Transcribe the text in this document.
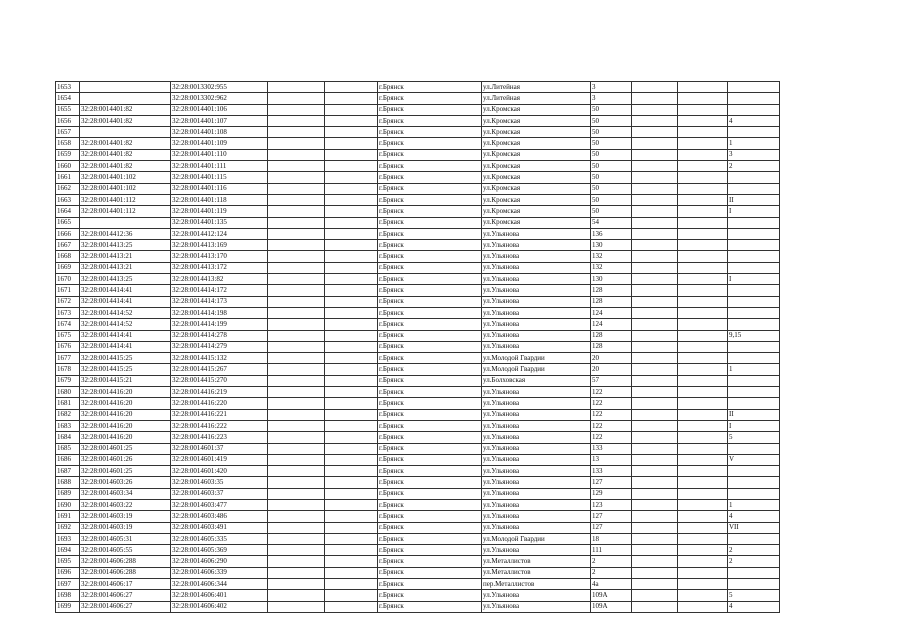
1653		32:28:0013302:955			г.Брянск	ул.Литейная	3			
1654		32:28:0013302:962			г.Брянск	ул.Литейная	3			
1655	32:28:0014401:82	32:28:0014401:106			г.Брянск	ул.Кромская	50			
1656	32:28:0014401:82	32:28:0014401:107			г.Брянск	ул.Кромская	50			4
1657		32:28:0014401:108			г.Брянск	ул.Кромская	50			
1658	32:28:0014401:82	32:28:0014401:109			г.Брянск	ул.Кромская	50			1
1659	32:28:0014401:82	32:28:0014401:110			г.Брянск	ул.Кромская	50			3
1660	32:28:0014401:82	32:28:0014401:111			г.Брянск	ул.Кромская	50			2
1661	32:28:0014401:102	32:28:0014401:115			г.Брянск	ул.Кромская	50			
1662	32:28:0014401:102	32:28:0014401:116			г.Брянск	ул.Кромская	50			
1663	32:28:0014401:112	32:28:0014401:118			г.Брянск	ул.Кромская	50			II
1664	32:28:0014401:112	32:28:0014401:119			г.Брянск	ул.Кромская	50			I
1665		32:28:0014401:135			г.Брянск	ул.Кромская	54			
1666	32:28:0014412:36	32:28:0014412:124			г.Брянск	ул.Ульянова	136			
1667	32:28:0014413:25	32:28:0014413:169			г.Брянск	ул.Ульянова	130			
1668	32:28:0014413:21	32:28:0014413:170			г.Брянск	ул.Ульянова	132			
1669	32:28:0014413:21	32:28:0014413:172			г.Брянск	ул.Ульянова	132			
1670	32:28:0014413:25	32:28:0014413:82			г.Брянск	ул.Ульянова	130			I
1671	32:28:0014414:41	32:28:0014414:172			г.Брянск	ул.Ульянова	128			
1672	32:28:0014414:41	32:28:0014414:173			г.Брянск	ул.Ульянова	128			
1673	32:28:0014414:52	32:28:0014414:198			г.Брянск	ул.Ульянова	124			
1674	32:28:0014414:52	32:28:0014414:199			г.Брянск	ул.Ульянова	124			
1675	32:28:0014414:41	32:28:0014414:278			г.Брянск	ул.Ульянова	128			9,15
1676	32:28:0014414:41	32:28:0014414:279			г.Брянск	ул.Ульянова	128			
1677	32:28:0014415:25	32:28:0014415:132			г.Брянск	ул.Молодой Гвардии	20			
1678	32:28:0014415:25	32:28:0014415:267			г.Брянск	ул.Молодой Гвардии	20			1
1679	32:28:0014415:21	32:28:0014415:270			г.Брянск	ул.Болховская	57			
1680	32:28:0014416:20	32:28:0014416:219			г.Брянск	ул.Ульянова	122			
1681	32:28:0014416:20	32:28:0014416:220			г.Брянск	ул.Ульянова	122			
1682	32:28:0014416:20	32:28:0014416:221			г.Брянск	ул.Ульянова	122			II
1683	32:28:0014416:20	32:28:0014416:222			г.Брянск	ул.Ульянова	122			I
1684	32:28:0014416:20	32:28:0014416:223			г.Брянск	ул.Ульянова	122			5
1685	32:28:0014601:25	32:28:0014601:37			г.Брянск	ул.Ульянова	133			
1686	32:28:0014601:26	32:28:0014601:419			г.Брянск	ул.Ульянова	13			V
1687	32:28:0014601:25	32:28:0014601:420			г.Брянск	ул.Ульянова	133			
1688	32:28:0014603:26	32:28:0014603:35			г.Брянск	ул.Ульянова	127			
1689	32:28:0014603:34	32:28:0014603:37			г.Брянск	ул.Ульянова	129			
1690	32:28:0014603:22	32:28:0014603:477			г.Брянск	ул.Ульянова	123			1
1691	32:28:0014603:19	32:28:0014603:486			г.Брянск	ул.Ульянова	127			4
1692	32:28:0014603:19	32:28:0014603:491			г.Брянск	ул.Ульянова	127			VII
1693	32:28:0014605:31	32:28:0014605:335			г.Брянск	ул.Молодой Гвардии	18			
1694	32:28:0014605:55	32:28:0014605:369			г.Брянск	ул.Ульянова	111			2
1695	32:28:0014606:288	32:28:0014606:290			г.Брянск	ул.Металлистов	2			2
1696	32:28:0014606:288	32:28:0014606:339			г.Брянск	ул.Металлистов	2			
1697	32:28:0014606:17	32:28:0014606:344			г.Брянск	пер.Металлистов	4а			
1698	32:28:0014606:27	32:28:0014606:401			г.Брянск	ул.Ульянова	109А			5
1699	32:28:0014606:27	32:28:0014606:402			г.Брянск	ул.Ульянова	109А			4
